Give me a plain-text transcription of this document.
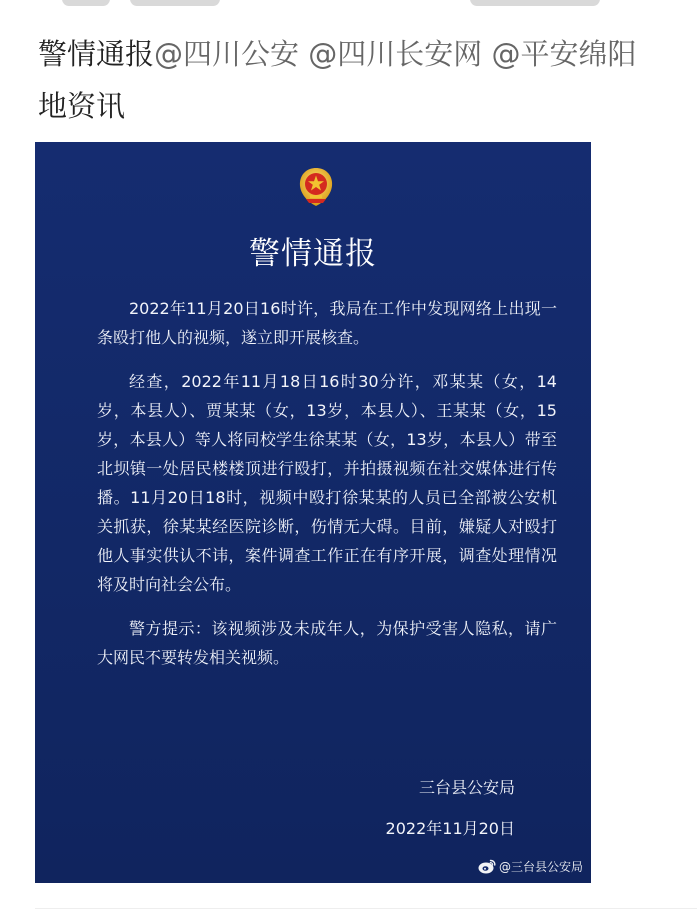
警情通报@四川公安 @四川长安网 @平安绵阳
地资讯
警情通报

2022年11月20日16时许，我局在工作中发现网络上出现一条殴打他人的视频，遂立即开展核查。

经查，2022年11月18日16时30分许，邓某某（女，14岁，本县人）、贾某某（女，13岁，本县人）、王某某（女，15岁，本县人）等人将同校学生徐某某（女，13岁，本县人）带至北坝镇一处居民楼楼顶进行殴打，并拍摄视频在社交媒体进行传播。11月20日18时，视频中殴打徐某某的人员已全部被公安机关抓获，徐某某经医院诊断，伤情无大碍。目前，嫌疑人对殴打他人事实供认不讳，案件调查工作正在有序开展，调查处理情况将及时向社会公布。

警方提示：该视频涉及未成年人，为保护受害人隐私，请广大网民不要转发相关视频。

三台县公安局
2022年11月20日
@三台县公安局
